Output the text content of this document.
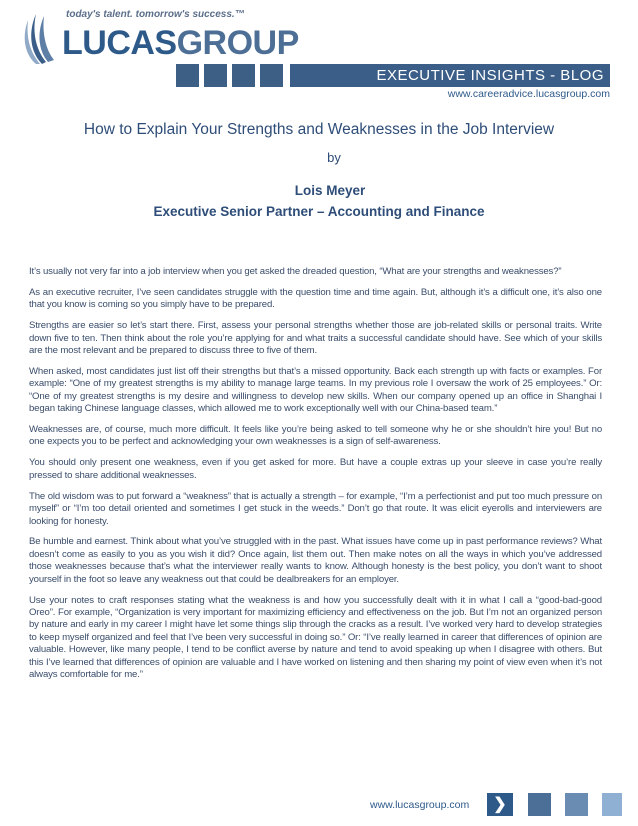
today's talent. tomorrow's success.™
LUCASGROUP
EXECUTIVE INSIGHTS - BLOG
www.careeradvice.lucasgroup.com
How to Explain Your Strengths and Weaknesses in the Job Interview
by
Lois Meyer
Executive Senior Partner – Accounting and Finance

It’s usually not very far into a job interview when you get asked the dreaded question, “What are your strengths and weaknesses?”

As an executive recruiter, I’ve seen candidates struggle with the question time and time again. But, although it’s a difficult one, it’s also one that you know is coming so you simply have to be prepared.

Strengths are easier so let’s start there. First, assess your personal strengths whether those are job-related skills or personal traits. Write down five to ten. Then think about the role you’re applying for and what traits a successful candidate should have. See which of your skills are the most relevant and be prepared to discuss three to five of them.

When asked, most candidates just list off their strengths but that’s a missed opportunity. Back each strength up with facts or examples. For example: “One of my greatest strengths is my ability to manage large teams. In my previous role I oversaw the work of 25 employees.” Or: “One of my greatest strengths is my desire and willingness to develop new skills. When our company opened up an office in Shanghai I began taking Chinese language classes, which allowed me to work exceptionally well with our China-based team.”

Weaknesses are, of course, much more difficult. It feels like you’re being asked to tell someone why he or she shouldn’t hire you! But no one expects you to be perfect and acknowledging your own weaknesses is a sign of self-awareness.

You should only present one weakness, even if you get asked for more. But have a couple extras up your sleeve in case you’re really pressed to share additional weaknesses.

The old wisdom was to put forward a “weakness” that is actually a strength – for example, “I’m a perfectionist and put too much pressure on myself” or “I’m too detail oriented and sometimes I get stuck in the weeds.” Don’t go that route. It was elicit eyerolls and interviewers are looking for honesty.

Be humble and earnest. Think about what you’ve struggled with in the past. What issues have come up in past performance reviews? What doesn’t come as easily to you as you wish it did? Once again, list them out. Then make notes on all the ways in which you’ve addressed those weaknesses because that’s what the interviewer really wants to know. Although honesty is the best policy, you don’t want to shoot yourself in the foot so leave any weakness out that could be dealbreakers for an employer.

Use your notes to craft responses stating what the weakness is and how you successfully dealt with it in what I call a “good-bad-good Oreo”. For example, “Organization is very important for maximizing efficiency and effectiveness on the job. But I’m not an organized person by nature and early in my career I might have let some things slip through the cracks as a result. I’ve worked very hard to develop strategies to keep myself organized and feel that I’ve been very successful in doing so.” Or: “I’ve really learned in career that differences of opinion are valuable. However, like many people, I tend to be conflict averse by nature and tend to avoid speaking up when I disagree with others. But this I’ve learned that differences of opinion are valuable and I have worked on listening and then sharing my point of view even when it’s not always comfortable for me.”

www.lucasgroup.com	❯
